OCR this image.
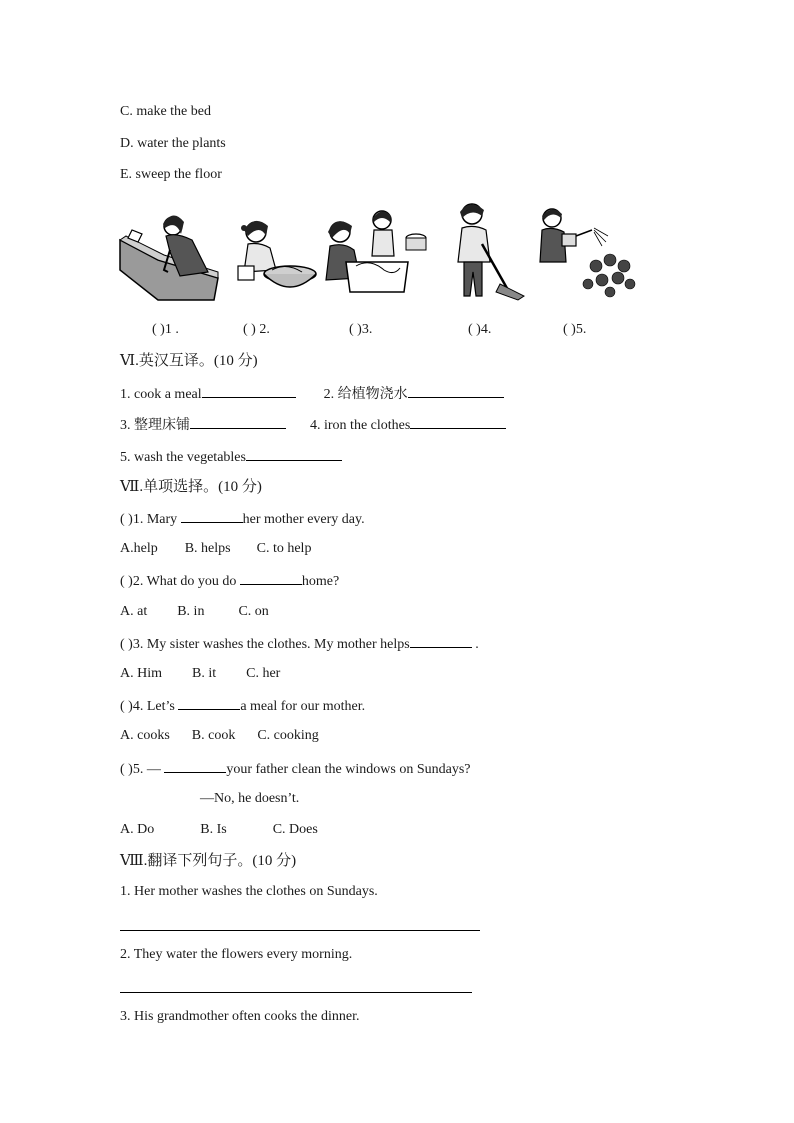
C. make the bed
D. water the plants
E. sweep the floor
( )1 .	( ) 2.	( )3.	( )4.	( )5.
Ⅵ.英汉互译。(10 分)
1. cook a meal	2. 给植物浇水
3. 整理床铺	4. iron the clothes
5. wash the vegetables
Ⅶ.单项选择。(10 分)
( )1. Mary	her mother every day.
A.help B. helps C. to help
( )2. What do you do	home?
A. at B. in C. on
( )3. My sister washes the clothes. My mother helps	.
A. Him B. it C. her
( )4. Let’s	a meal for our mother.
A. cooks B. cook C. cooking
( )5. —	your father clean the windows on Sundays?
—No, he doesn’t.
A. Do	B. Is	C. Does
Ⅷ.翻译下列句子。(10 分)
1. Her mother washes the clothes on Sundays.
2. They water the flowers every morning.
3. His grandmother often cooks the dinner.
